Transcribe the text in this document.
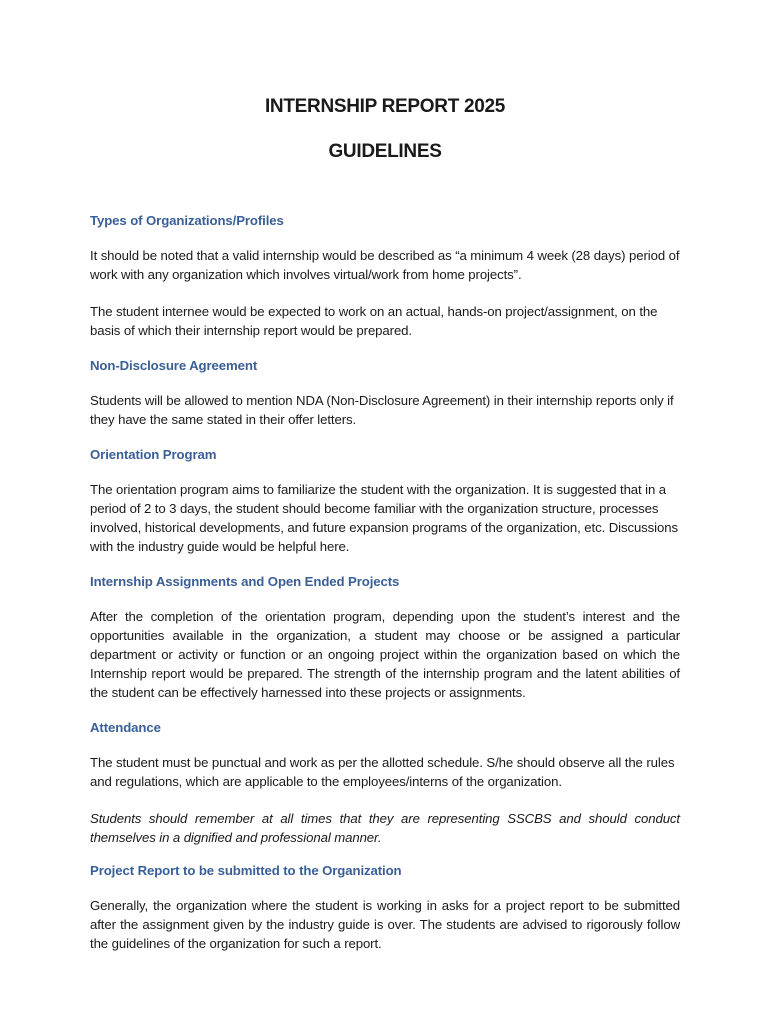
INTERNSHIP REPORT 2025
GUIDELINES
Types of Organizations/Profiles

It should be noted that a valid internship would be described as “a minimum 4 week (28 days) period of work with any organization which involves virtual/work from home projects”.

The student internee would be expected to work on an actual, hands-on project/assignment, on the basis of which their internship report would be prepared.

Non-Disclosure Agreement

Students will be allowed to mention NDA (Non-Disclosure Agreement) in their internship reports only if they have the same stated in their offer letters.

Orientation Program

The orientation program aims to familiarize the student with the organization. It is suggested that in a period of 2 to 3 days, the student should become familiar with the organization structure, processes involved, historical developments, and future expansion programs of the organization, etc. Discussions with the industry guide would be helpful here.

Internship Assignments and Open Ended Projects

After the completion of the orientation program, depending upon the student’s interest and the opportunities available in the organization, a student may choose or be assigned a particular department or activity or function or an ongoing project within the organization based on which the Internship report would be prepared. The strength of the internship program and the latent abilities of the student can be effectively harnessed into these projects or assignments.

Attendance

The student must be punctual and work as per the allotted schedule. S/he should observe all the rules and regulations, which are applicable to the employees/interns of the organization.

Students should remember at all times that they are representing SSCBS and should conduct themselves in a dignified and professional manner.

Project Report to be submitted to the Organization

Generally, the organization where the student is working in asks for a project report to be submitted after the assignment given by the industry guide is over. The students are advised to rigorously follow the guidelines of the organization for such a report.
